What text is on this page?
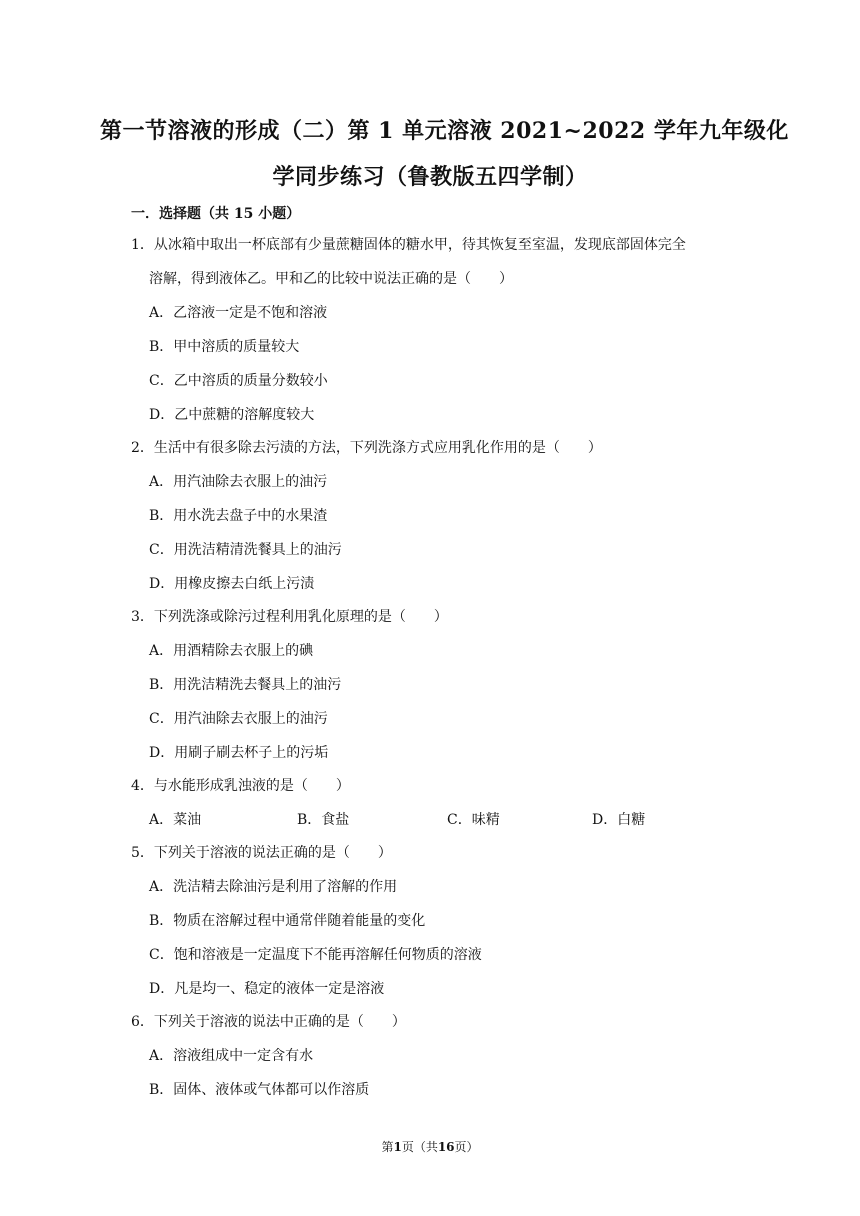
第一节溶液的形成（二）第 1 单元溶液 2021~2022 学年九年级化
学同步练习（鲁教版五四学制）
一．选择题（共 15 小题）
1．从冰箱中取出一杯底部有少量蔗糖固体的糖水甲，待其恢复至室温，发现底部固体完全
溶解，得到液体乙。甲和乙的比较中说法正确的是（　　）
A．乙溶液一定是不饱和溶液
B．甲中溶质的质量较大
C．乙中溶质的质量分数较小
D．乙中蔗糖的溶解度较大
2．生活中有很多除去污渍的方法，下列洗涤方式应用乳化作用的是（　　）
A．用汽油除去衣服上的油污
B．用水洗去盘子中的水果渣
C．用洗洁精清洗餐具上的油污
D．用橡皮擦去白纸上污渍
3．下列洗涤或除污过程利用乳化原理的是（　　）
A．用酒精除去衣服上的碘
B．用洗洁精洗去餐具上的油污
C．用汽油除去衣服上的油污
D．用刷子刷去杯子上的污垢
4．与水能形成乳浊液的是（　　）
A．菜油	B．食盐	C．味精	D．白糖
5．下列关于溶液的说法正确的是（　　）
A．洗洁精去除油污是利用了溶解的作用
B．物质在溶解过程中通常伴随着能量的变化
C．饱和溶液是一定温度下不能再溶解任何物质的溶液
D．凡是均一、稳定的液体一定是溶液
6．下列关于溶液的说法中正确的是（　　）
A．溶液组成中一定含有水
B．固体、液体或气体都可以作溶质
第1页（共16页）
